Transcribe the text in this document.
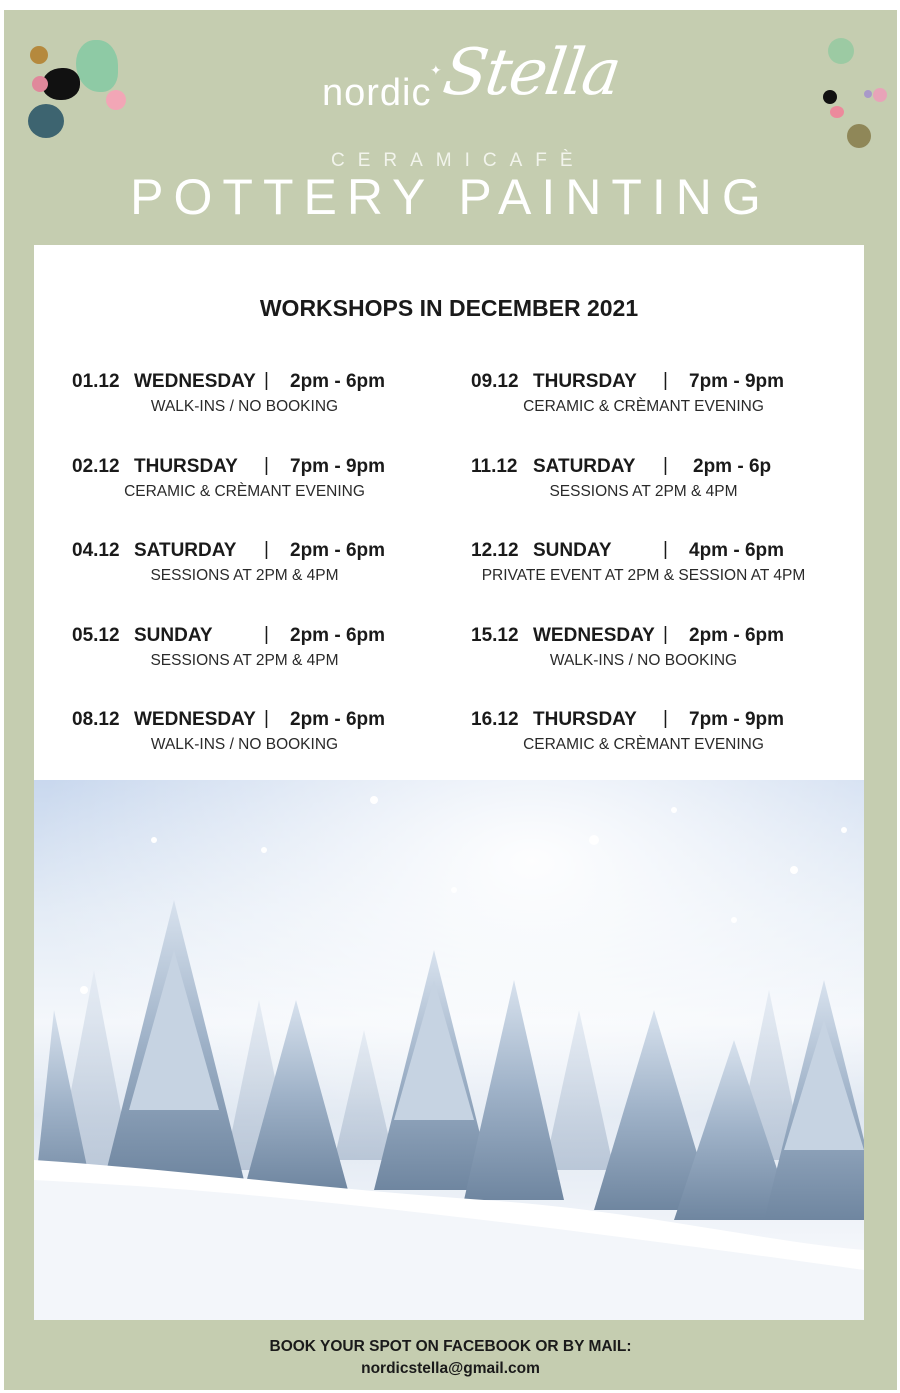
nordic
✦
Stella
CERAMICAFÈ
POTTERY PAINTING
WORKSHOPS IN DECEMBER 2021
01.12 WEDNESDAY | 2pm - 6pm
WALK-INS / NO BOOKING
02.12 THURSDAY | 7pm - 9pm
CERAMIC & CRÈMANT EVENING
04.12 SATURDAY | 2pm - 6pm
SESSIONS AT 2PM & 4PM
05.12 SUNDAY	| 2pm - 6pm
SESSIONS AT 2PM & 4PM
08.12 WEDNESDAY | 2pm - 6pm
WALK-INS / NO BOOKING
09.12 THURSDAY | 7pm - 9pm
CERAMIC & CRÈMANT EVENING
11.12 SATURDAY | 2pm - 6p
SESSIONS AT 2PM & 4PM
12.12 SUNDAY	| 4pm - 6pm
PRIVATE EVENT AT 2PM & SESSION AT 4PM
15.12 WEDNESDAY | 2pm - 6pm
WALK-INS / NO BOOKING
16.12 THURSDAY | 7pm - 9pm
CERAMIC & CRÈMANT EVENING
BOOK YOUR SPOT ON FACEBOOK OR BY MAIL:
nordicstella@gmail.com
